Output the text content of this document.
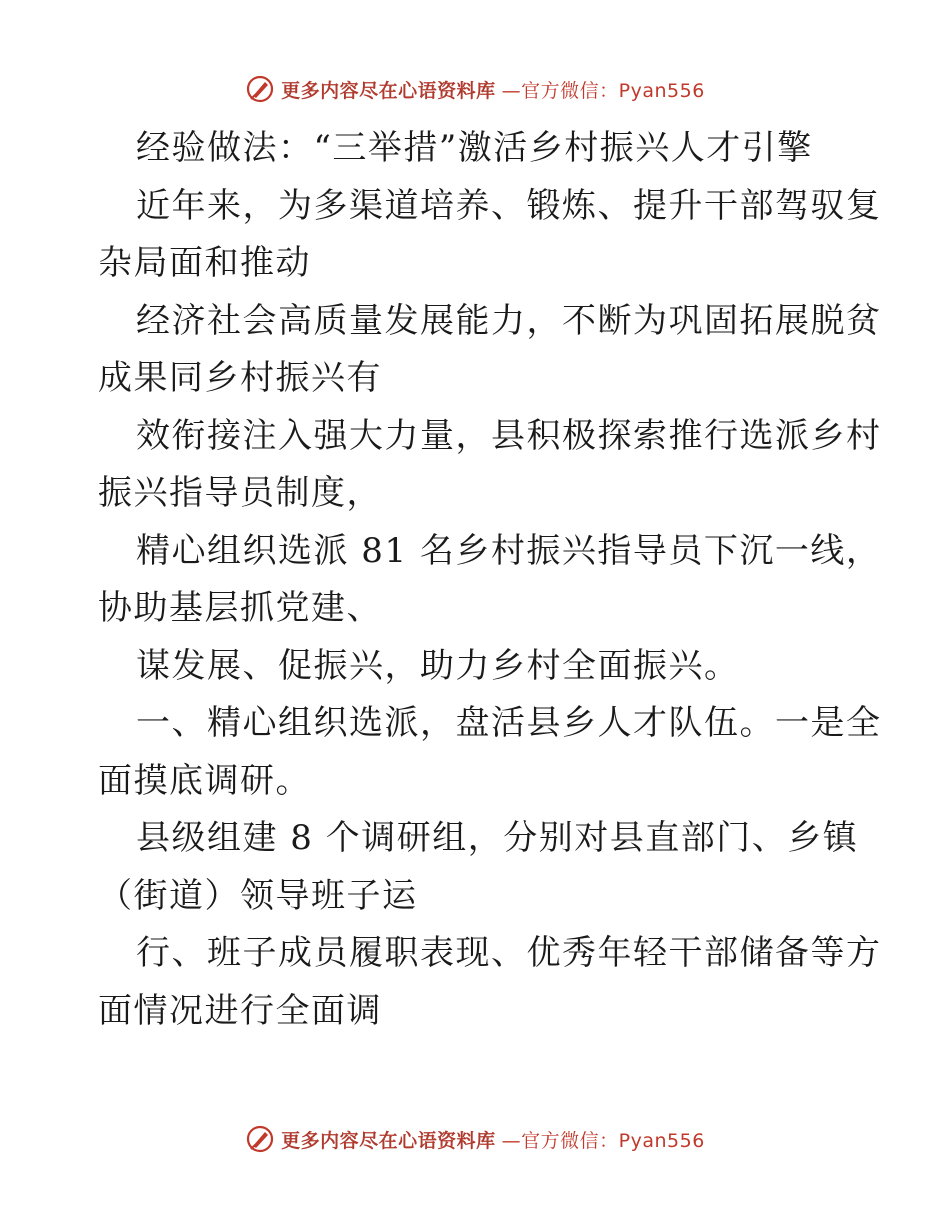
更多内容尽在心语资料库 —官方微信：Pyan556
经验做法：“三举措”激活乡村振兴人才引擎
近年来，为多渠道培养、锻炼、提升干部驾驭复
杂局面和推动
经济社会高质量发展能力，不断为巩固拓展脱贫
成果同乡村振兴有
效衔接注入强大力量，县积极探索推行选派乡村
振兴指导员制度，
精心组织选派 81 名乡村振兴指导员下沉一线，
协助基层抓党建、
谋发展、促振兴，助力乡村全面振兴。
一、精心组织选派，盘活县乡人才队伍。一是全
面摸底调研。
县级组建 8 个调研组，分别对县直部门、乡镇
（街道）领导班子运
行、班子成员履职表现、优秀年轻干部储备等方
面情况进行全面调
更多内容尽在心语资料库 —官方微信：Pyan556
